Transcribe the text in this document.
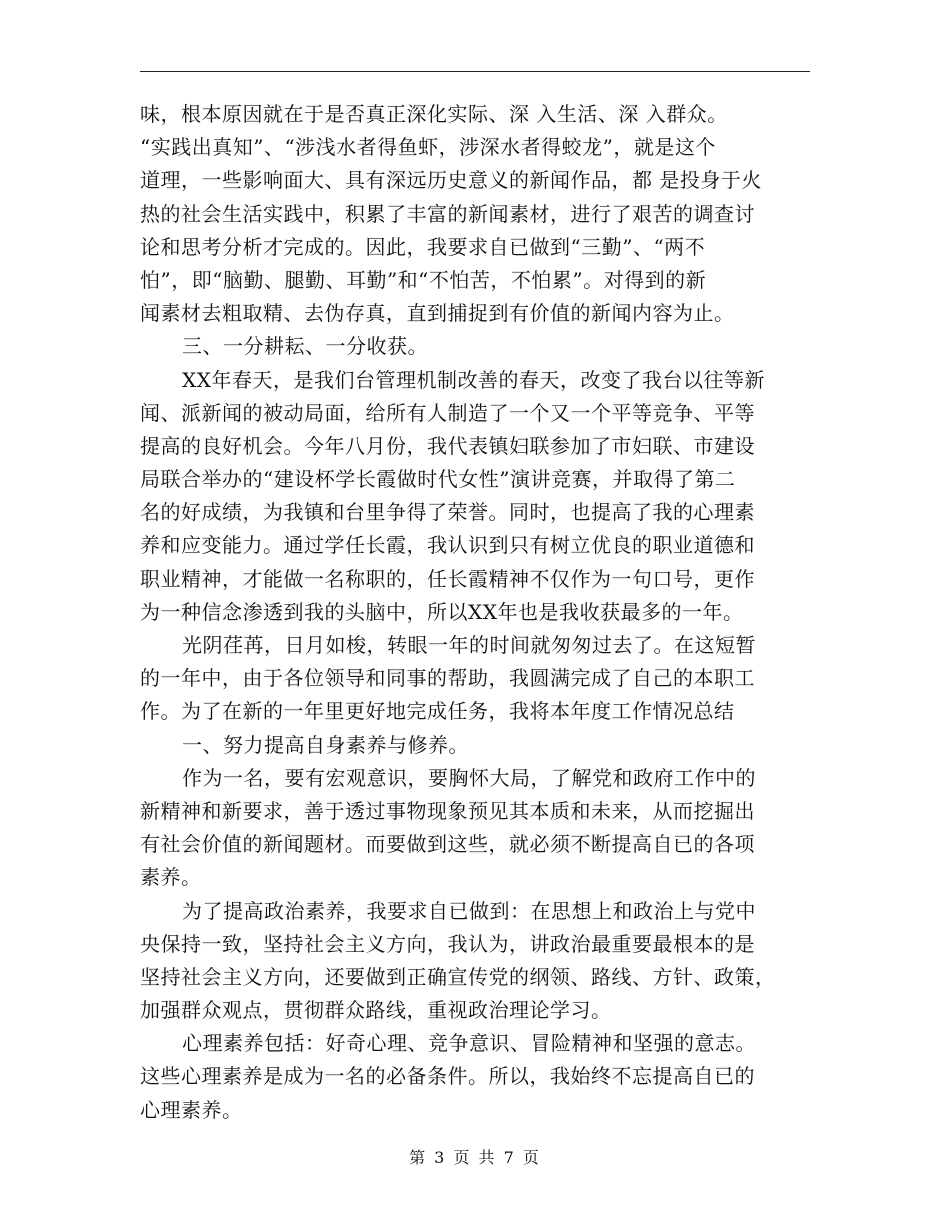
味，根本原因就在于是否真正深化实际、深 入生活、深 入群众。
“实践出真知”、“涉浅水者得鱼虾，涉深水者得蛟龙”，就是这个
道理，一些影响面大、具有深远历史意义的新闻作品，都 是投身于火
热的社会生活实践中，积累了丰富的新闻素材，进行了艰苦的调查讨
论和思考分析才完成的。因此，我要求自已做到“三勤”、“两不
怕”，即“脑勤、腿勤、耳勤”和“不怕苦，不怕累”。对得到的新
闻素材去粗取精、去伪存真，直到捕捉到有价值的新闻内容为止。
三、一分耕耘、一分收获。
XX年春天，是我们台管理机制改善的春天，改变了我台以往等新
闻、派新闻的被动局面，给所有人制造了一个又一个平等竞争、平等
提高的良好机会。今年八月份，我代表镇妇联参加了市妇联、市建设
局联合举办的“建设杯学长霞做时代女性”演讲竞赛，并取得了第二
名的好成绩，为我镇和台里争得了荣誉。同时，也提高了我的心理素
养和应变能力。通过学任长霞，我认识到只有树立优良的职业道德和
职业精神，才能做一名称职的，任长霞精神不仅作为一句口号，更作
为一种信念渗透到我的头脑中，所以XX年也是我收获最多的一年。
光阴荏苒，日月如梭，转眼一年的时间就匆匆过去了。在这短暂
的一年中，由于各位领导和同事的帮助，我圆满完成了自己的本职工
作。为了在新的一年里更好地完成任务，我将本年度工作情况总结
一、努力提高自身素养与修养。
作为一名，要有宏观意识，要胸怀大局，了解党和政府工作中的
新精神和新要求，善于透过事物现象预见其本质和未来，从而挖掘出
有社会价值的新闻题材。而要做到这些，就必须不断提高自已的各项
素养。
为了提高政治素养，我要求自已做到：在思想上和政治上与党中
央保持一致，坚持社会主义方向，我认为，讲政治最重要最根本的是
坚持社会主义方向，还要做到正确宣传党的纲领、路线、方针、政策，
加强群众观点，贯彻群众路线，重视政治理论学习。
心理素养包括：好奇心理、竞争意识、冒险精神和坚强的意志。
这些心理素养是成为一名的必备条件。所以，我始终不忘提高自已的
心理素养。
第 3 页 共 7 页
